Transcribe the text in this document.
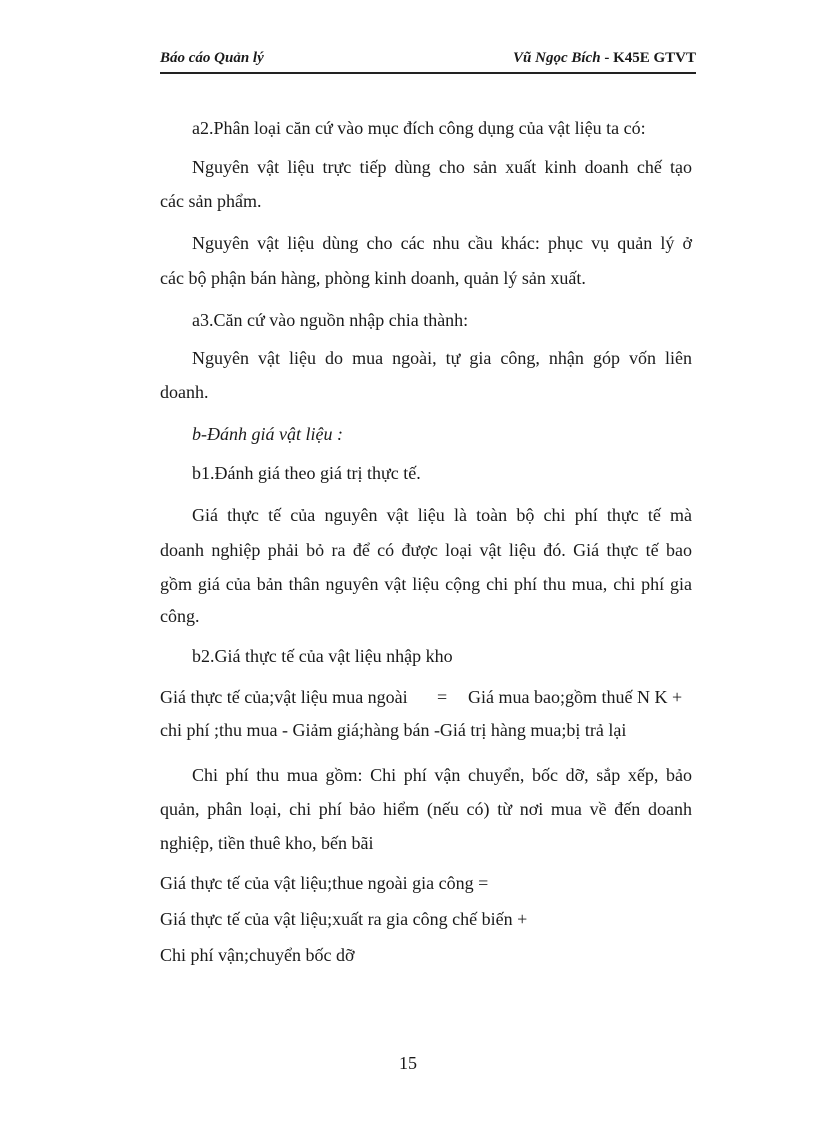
Báo cáo Quản lý	Vũ Ngọc Bích - K45E GTVT
a2.Phân loại căn cứ vào mục đích công dụng của vật liệu ta có:
Nguyên vật liệu trực tiếp dùng cho sản xuất kinh doanh chế tạo
các sản phẩm.
Nguyên vật liệu dùng cho các nhu cầu khác: phục vụ quản lý ở
các bộ phận bán hàng, phòng kinh doanh, quản lý sản xuất.
a3.Căn cứ vào nguồn nhập chia thành:
Nguyên vật liệu do mua ngoài, tự gia công, nhận góp vốn liên
doanh.
b-Đánh giá vật liệu :
b1.Đánh giá theo giá trị thực tế.
Giá thực tế của nguyên vật liệu là toàn bộ chi phí thực tế mà
doanh nghiệp phải bỏ ra để có được loại vật liệu đó. Giá thực tế bao
gồm giá của bản thân nguyên vật liệu cộng chi phí thu mua, chi phí gia
công.
b2.Giá thực tế của vật liệu nhập kho
Giá thực tế của;vật liệu mua ngoài = Giá mua bao;gồm thuế N K +
chi phí ;thu mua - Giảm giá;hàng bán -Giá trị hàng mua;bị trả lại
Chi phí thu mua gồm: Chi phí vận chuyển, bốc dỡ, sắp xếp, bảo
quản, phân loại, chi phí bảo hiểm (nếu có) từ nơi mua về đến doanh
nghiệp, tiền thuê kho, bến bãi
Giá thực tế của vật liệu;thue ngoài gia công =
Giá thực tế của vật liệu;xuất ra gia công chế biến +
Chi phí vận;chuyển bốc dỡ
15
